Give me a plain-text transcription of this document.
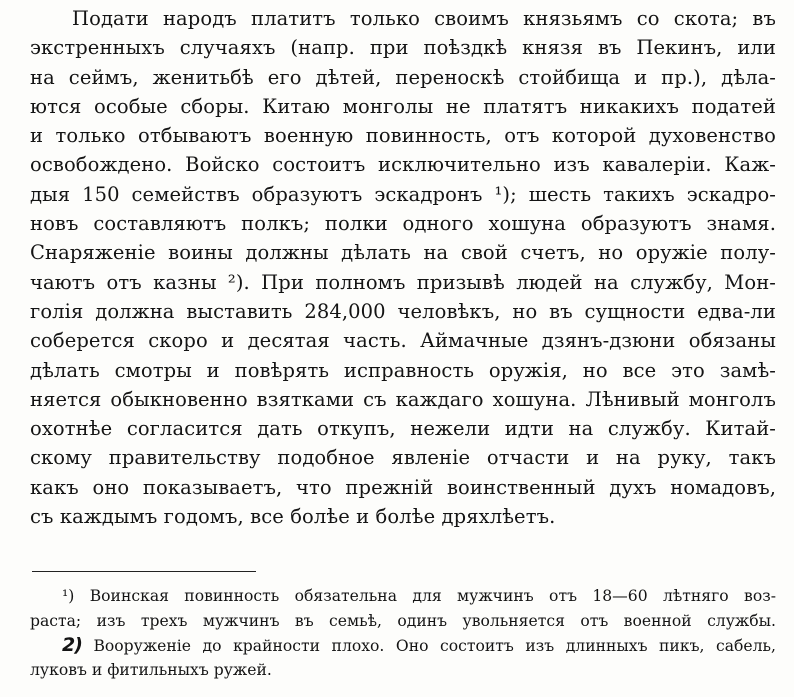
Подати народъ платитъ только своимъ князьямъ со скота; въ
экстренныхъ случаяхъ (напр. при поѣздкѣ князя въ Пекинъ, или
на сеймъ, женитьбѣ его дѣтей, переноскѣ стойбища и пр.), дѣла-
ются особые сборы. Китаю монголы не платятъ никакихъ податей
и только отбываютъ военную повинность, отъ которой духовенство
освобождено. Войско состоитъ исключительно изъ кавалеріи. Каж-
дыя 150 семействъ образуютъ эскадронъ ¹); шесть такихъ эскадро-
новъ составляютъ полкъ; полки одного хошуна образуютъ знамя.
Снаряженіе воины должны дѣлать на свой счетъ, но оружіе полу-
чаютъ отъ казны ²). При полномъ призывѣ людей на службу, Мон-
голія должна выставить 284,000 человѣкъ, но въ сущности едва-ли
соберется скоро и десятая часть. Аймачные дзянъ-дзюни обязаны
дѣлать смотры и повѣрять исправность оружія, но все это замѣ-
няется обыкновенно взятками съ каждаго хошуна. Лѣнивый монголъ
охотнѣе согласится дать откупъ, нежели идти на службу. Китай-
скому правительству подобное явленіе отчасти и на руку, такъ
какъ оно показываетъ, что прежній воинственный духъ номадовъ,
съ каждымъ годомъ, все болѣе и болѣе дряхлѣетъ.
¹) Воинская повинность обязательна для мужчинъ отъ 18—60 лѣтняго воз-
раста; изъ трехъ мужчинъ въ семьѣ, одинъ увольняется отъ военной службы.
2) Вооруженіе до крайности плохо. Оно состоитъ изъ длинныхъ пикъ, сабель,
луковъ и фитильныхъ ружей.
